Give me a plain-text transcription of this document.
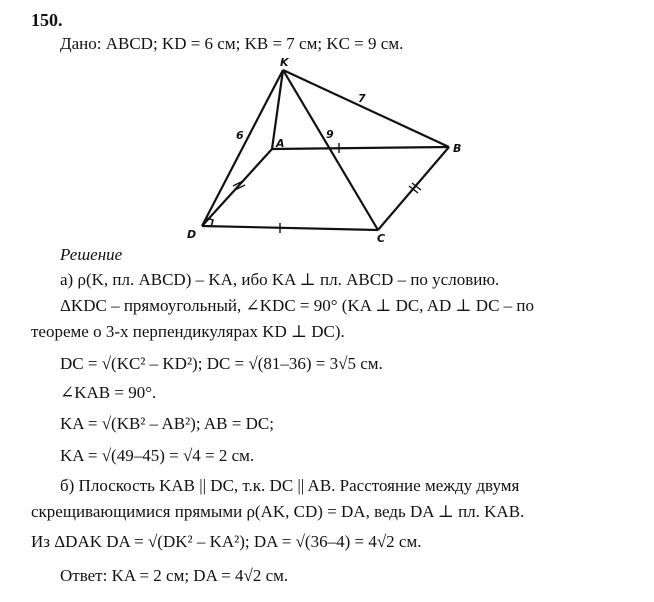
150.
Дано: ABCD; KD = 6 см; KB = 7 см; KC = 9 см.
K
A	B
C
D
6
7
9
Решение
а) ρ(K, пл. ABCD) – KA, ибо KA ⊥ пл. ABCD – по условию.
ΔKDC – прямоугольный, ∠KDC = 90° (KA ⊥ DC, AD ⊥ DC – по
теореме о 3-х перпендикулярах KD ⊥ DC).
DC = √(KC² – KD²); DC = √(81–36) = 3√5 см.
∠KAB = 90°.
KA = √(KB² – AB²); AB = DC;
KA = √(49–45) = √4 = 2 см.
б) Плоскость KAB || DC, т.к. DC || AB. Расстояние между двумя
скрещивающимися прямыми ρ(AK, CD) = DA, ведь DA ⊥ пл. KAB.
Из ΔDAK DA = √(DK² – KA²); DA = √(36–4) = 4√2 см.
Ответ: KA = 2 см; DA = 4√2 см.
